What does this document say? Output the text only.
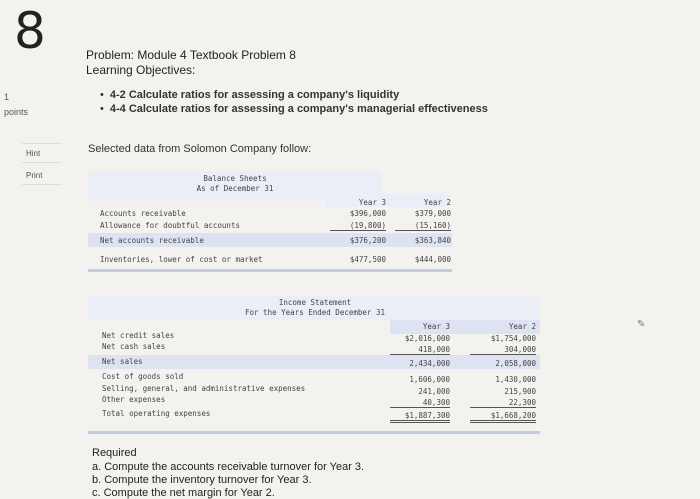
8
1
points
Hint
Print
Problem: Module 4 Textbook Problem 8
Learning Objectives:
• 4-2 Calculate ratios for assessing a company's liquidity
• 4-4 Calculate ratios for assessing a company's managerial effectiveness
Selected data from Solomon Company follow:
Balance Sheets
As of December 31
Year 3	Year 2
Accounts receivable	$396,000	$379,000
Allowance for doubtful accounts	(19,800)	(15,160)
Net accounts receivable	$376,200	$363,840
Inventories, lower of cost or market	$477,500	$444,000
Income Statement
For the Years Ended December 31
Year 3	Year 2
Net credit sales	$2,016,000	$1,754,000
Net cash sales	418,000	304,000
Net sales	2,434,000	2,058,000
Cost of goods sold	1,606,000	1,430,000
Selling, general, and administrative expenses	241,000	215,900
Other expenses	40,300	22,300
Total operating expenses	$1,887,300	$1,668,200
✎
Required
a. Compute the accounts receivable turnover for Year 3.
b. Compute the inventory turnover for Year 3.
c. Compute the net margin for Year 2.
